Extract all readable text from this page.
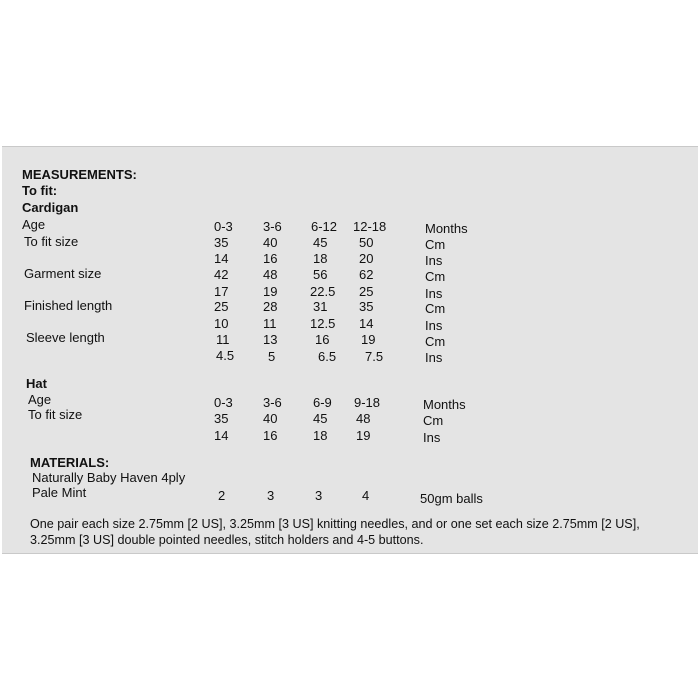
MEASUREMENTS:
To fit:
Cardigan
Age	0-3 3-6 6-12 12-18	Months
To fit size	35	40	45 50	Cm
14	16	18 20	Ins
Garment size	42	48	56 62	Cm
17	19	22.5 25	Ins
Finished length	25	28	31 35	Cm
10	11	12.5 14	Ins
Sleeve length	11	13	16 19	Cm
4.5	5	6.5 7.5	Ins
Hat
Age	0-3 3-6 6-9 9-18	Months
To fit size	35	40	45 48	Cm
14	16	18 19	Ins
MATERIALS:
Naturally Baby Haven 4ply
Pale Mint	2	3	3	4	50gm balls
One pair each size 2.75mm [2 US], 3.25mm [3 US] knitting needles, and or one set each size 2.75mm [2 US],
3.25mm [3 US] double pointed needles, stitch holders and 4-5 buttons.
